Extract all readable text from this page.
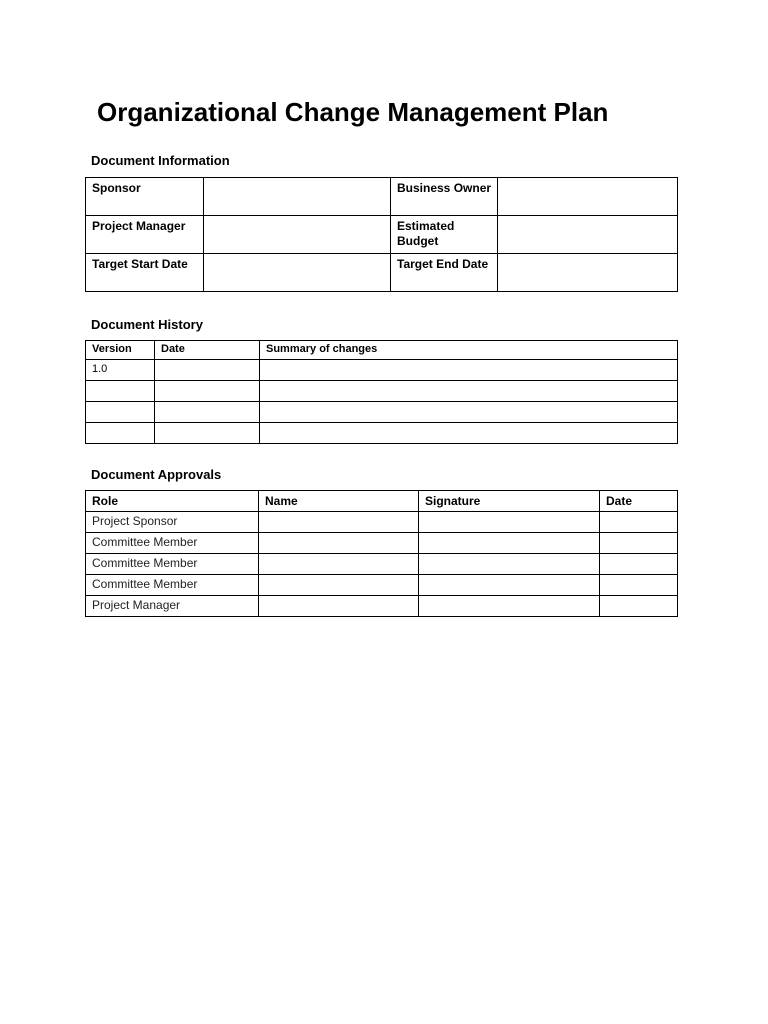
Organizational Change Management Plan
Document Information
Sponsor		Business Owner	
Project Manager		Estimated Budget	
Target Start Date		Target End Date	
Document History
Version	Date	Summary of changes
1.0		

Document Approvals
Role	Name	Signature	Date
Project Sponsor			
Committee Member			
Committee Member			
Committee Member			
Project Manager			
